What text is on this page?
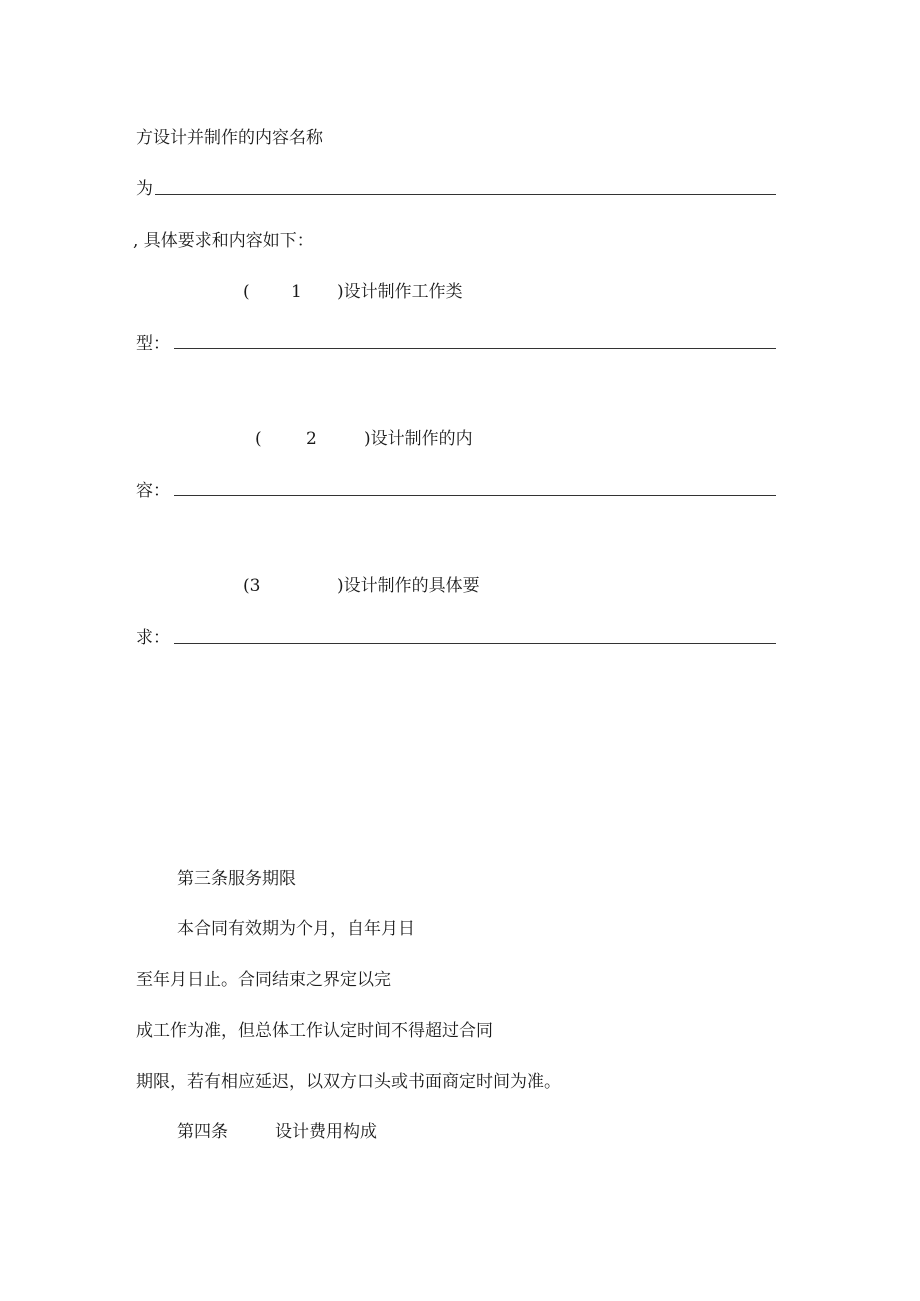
方设计并制作的内容名称
为
, 具体要求和内容如下：
( 1 )设计制作工作类
型：
(	2	)设计制作的内
容：
(3	)设计制作的具体要
求：
第三条服务期限
本合同有效期为个月，自年月日
至年月日止。合同结束之界定以完
成工作为准，但总体工作认定时间不得超过合同
期限，若有相应延迟，以双方口头或书面商定时间为准。
第四条	设计费用构成
